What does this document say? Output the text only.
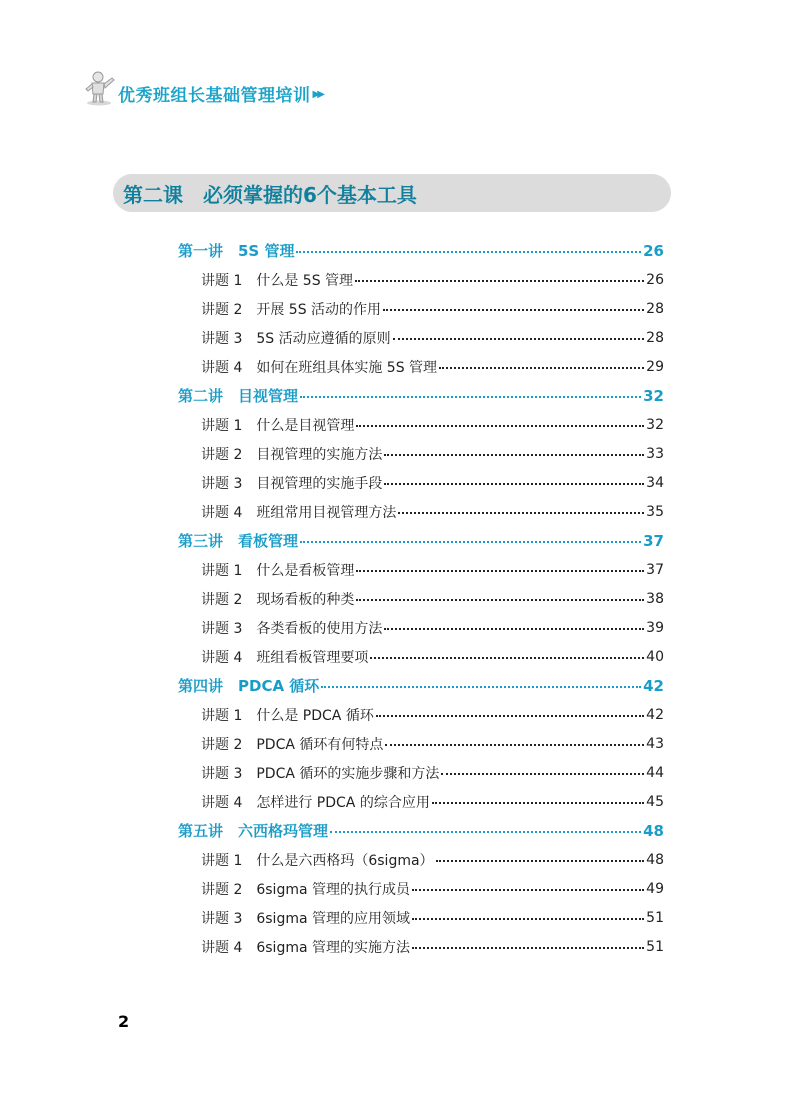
优秀班组长基础管理培训 ▶▶
第二课　必须掌握的6个基本工具
第一讲　5S 管理	26
讲题 1　什么是 5S 管理	26
讲题 2　开展 5S 活动的作用	28
讲题 3　5S 活动应遵循的原则	28
讲题 4　如何在班组具体实施 5S 管理	29
第二讲　目视管理	32
讲题 1　什么是目视管理	32
讲题 2　目视管理的实施方法	33
讲题 3　目视管理的实施手段	34
讲题 4　班组常用目视管理方法	35
第三讲　看板管理	37
讲题 1　什么是看板管理	37
讲题 2　现场看板的种类	38
讲题 3　各类看板的使用方法	39
讲题 4　班组看板管理要项	40
第四讲　PDCA 循环	42
讲题 1　什么是 PDCA 循环	42
讲题 2　PDCA 循环有何特点	43
讲题 3　PDCA 循环的实施步骤和方法	44
讲题 4　怎样进行 PDCA 的综合应用	45
第五讲　六西格玛管理	48
讲题 1　什么是六西格玛（6sigma）	48
讲题 2　6sigma 管理的执行成员	49
讲题 3　6sigma 管理的应用领域	51
讲题 4　6sigma 管理的实施方法	51
2
